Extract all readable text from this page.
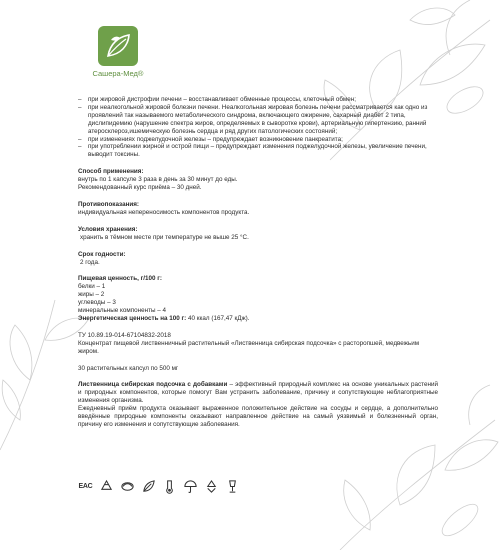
Сашера-Мед®
– при жировой дистрофии печени – восстанавливает обменные процессы, клеточный обмен;
– при неалкогольной жировой болезни печени. Неалкогольная жировая болезнь печени рассматривается как одно из проявлений так называемого метаболического синдрома, включающего ожирение, сахарный диабет 2 типа, дислипидемию (нарушение спектра жиров, определяемых в сыворотке крови), артериальную гипертензию, ранний атеросклероз,ишемическую болезнь сердца и ряд других патологических состояний;
– при изменениях поджелудочной железы – предупреждает возникновение панкреатита;
– при употреблении жирной и острой пищи – предупреждает изменения поджелудочной железы, увеличение печени, выводит токсины.
Способ применения:
внутрь по 1 капсуле 3 раза в день за 30 минут до еды.
Рекомендованный курс приёма – 30 дней.
Противопоказания:
индивидуальная непереносимость компонентов продукта.
Условия хранения:
хранить в тёмном месте при температуре не выше 25 °С.
Срок годности:
2 года.
Пищевая ценность, г/100 г:
белки – 1
жиры – 2
углеводы – 3
минеральные компоненты – 4
Энергетическая ценность на 100 г: 40 ккал (167,47 кДж).
ТУ 10.89.19-014-67104832-2018

Концентрат пищевой лиственничный растительный «Лиственница сибирская подсочка» с расторопшей, медвежьим жиром.

30 растительных капсул по 500 мг

Лиственница сибирская подсочка с добавками – эффективный природный комплекс на основе уникальных растений и природных компонентов, которые помогут Вам устранить заболевание, причину и сопутствующие неблагоприятные изменения организма.

Ежедневный приём продукта оказывает выраженное положительное действие на сосуды и сердце, а дополнительно введённые природные компоненты оказывают направленное действие на самый уязвимый и болезненный орган, причину его изменения и сопутствующие заболевания.

EAC
